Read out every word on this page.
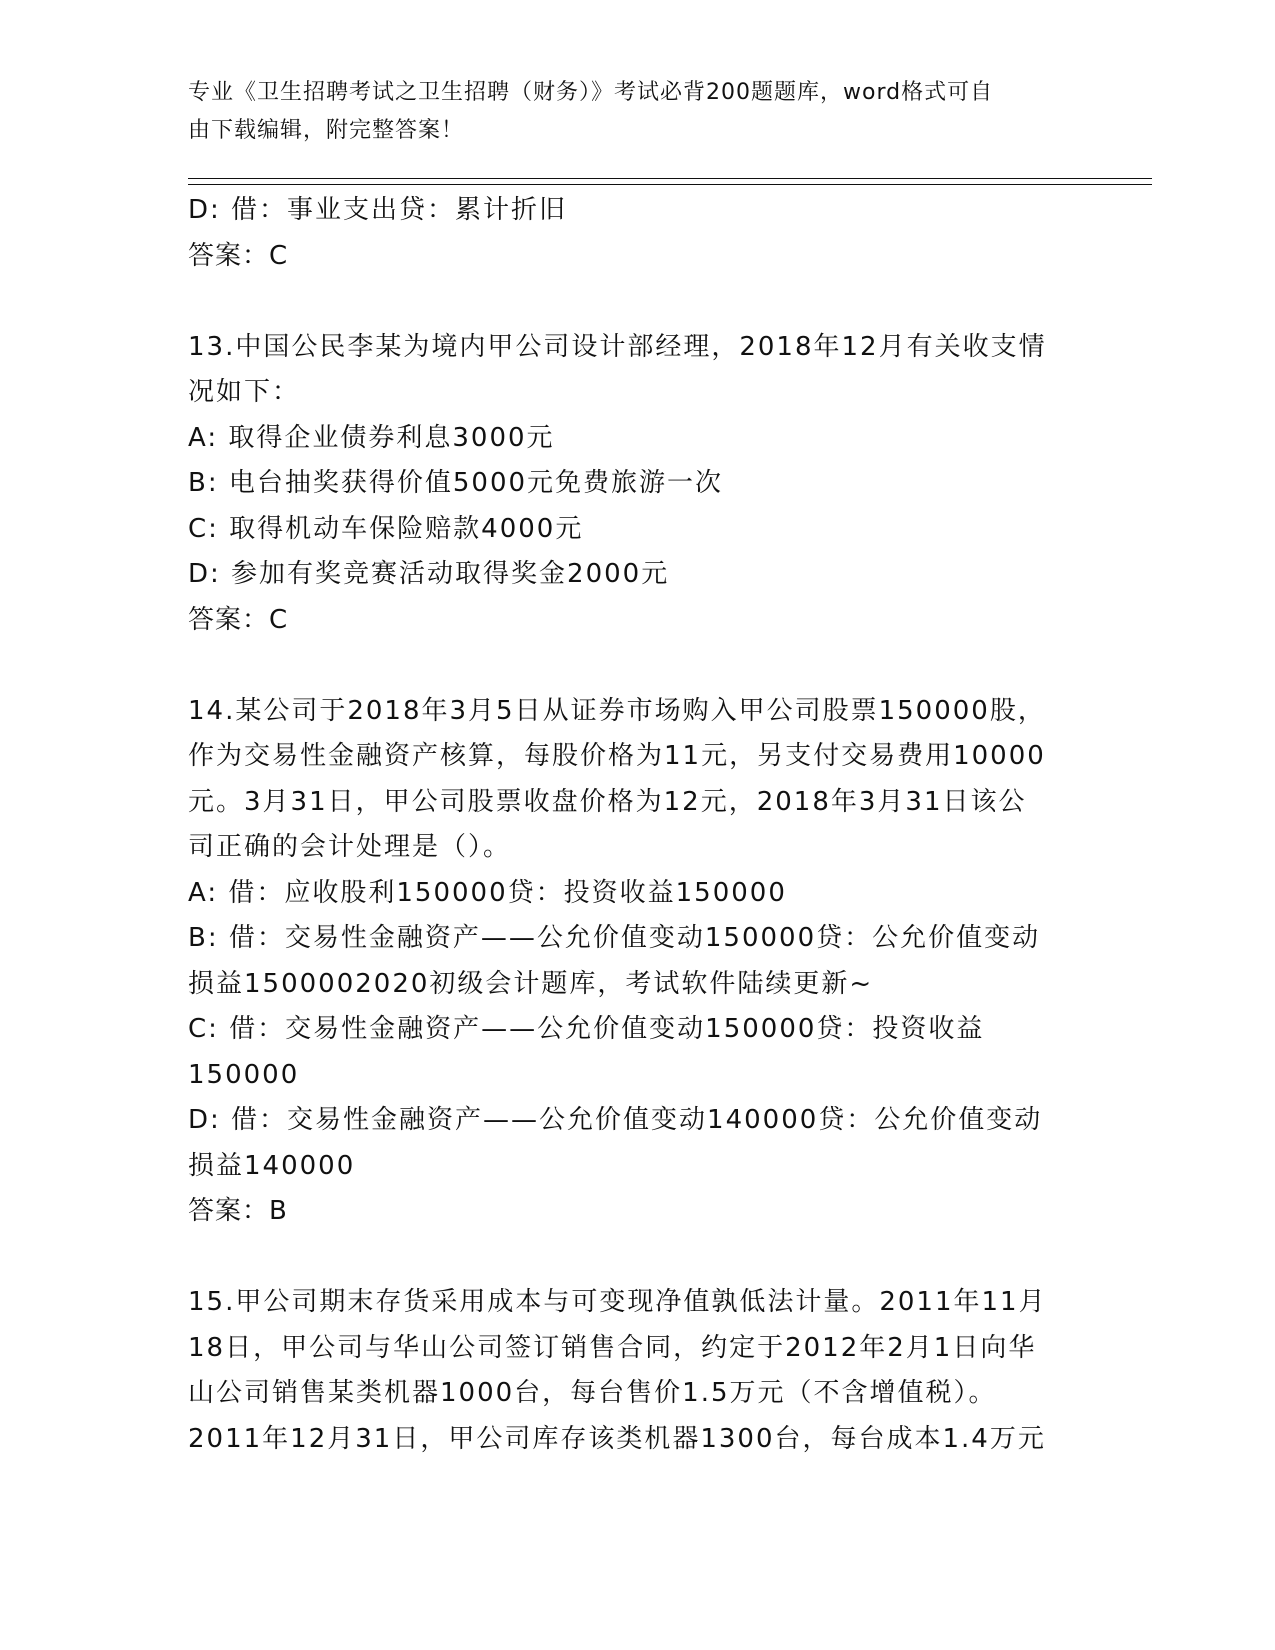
专业《卫生招聘考试之卫生招聘（财务）》考试必背200题题库，word格式可自
由下载编辑，附完整答案！
D: 借：事业支出贷：累计折旧
答案：C
13.中国公民李某为境内甲公司设计部经理，2018年12月有关收支情
况如下：
A: 取得企业债券利息3000元
B: 电台抽奖获得价值5000元免费旅游一次
C: 取得机动车保险赔款4000元
D: 参加有奖竞赛活动取得奖金2000元
答案：C
14.某公司于2018年3月5日从证券市场购入甲公司股票150000股，
作为交易性金融资产核算，每股价格为11元，另支付交易费用10000
元。3月31日，甲公司股票收盘价格为12元，2018年3月31日该公
司正确的会计处理是（）。
A: 借：应收股利150000贷：投资收益150000
B: 借：交易性金融资产——公允价值变动150000贷：公允价值变动
损益1500002020初级会计题库，考试软件陆续更新~
C: 借：交易性金融资产——公允价值变动150000贷：投资收益
150000
D: 借：交易性金融资产——公允价值变动140000贷：公允价值变动
损益140000
答案：B
15.甲公司期末存货采用成本与可变现净值孰低法计量。2011年11月
18日，甲公司与华山公司签订销售合同，约定于2012年2月1日向华
山公司销售某类机器1000台，每台售价1.5万元（不含增值税）。
2011年12月31日，甲公司库存该类机器1300台，每台成本1.4万元
